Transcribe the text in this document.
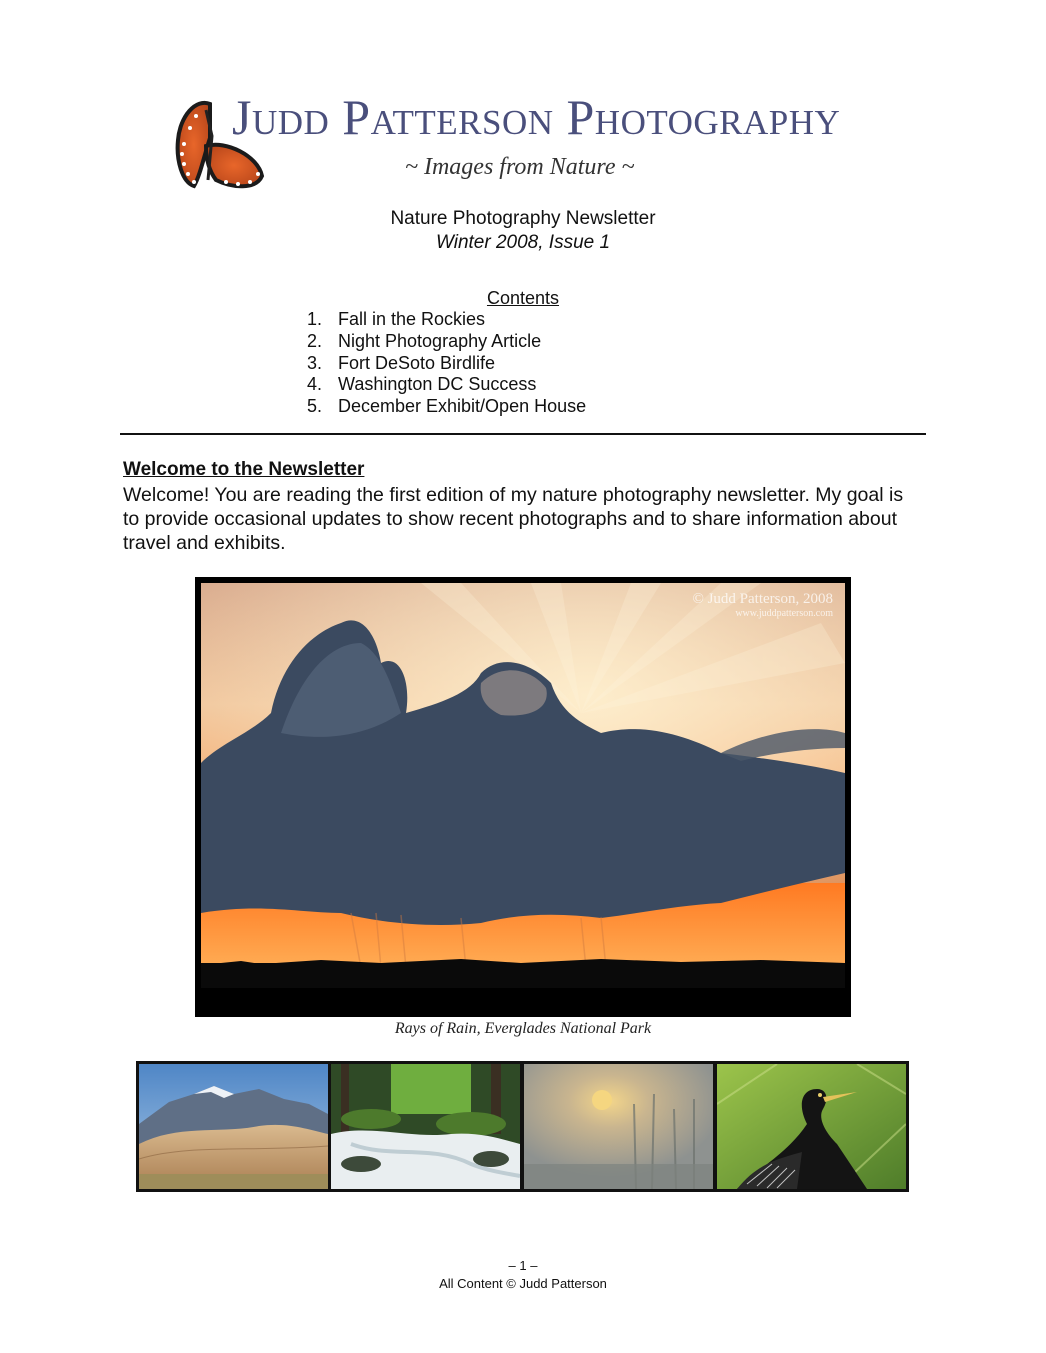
Judd Patterson Photography
~ Images from Nature ~
Nature Photography Newsletter
Winter 2008, Issue 1
Contents
1. Fall in the Rockies
2. Night Photography Article
3. Fort DeSoto Birdlife
4. Washington DC Success
5. December Exhibit/Open House
Welcome to the Newsletter

Welcome! You are reading the first edition of my nature photography newsletter. My goal is to provide occasional updates to show recent photographs and to share information about travel and exhibits.

© Judd Patterson, 2008
www.juddpatterson.com
Rays of Rain, Everglades National Park
– 1 –
All Content © Judd Patterson
